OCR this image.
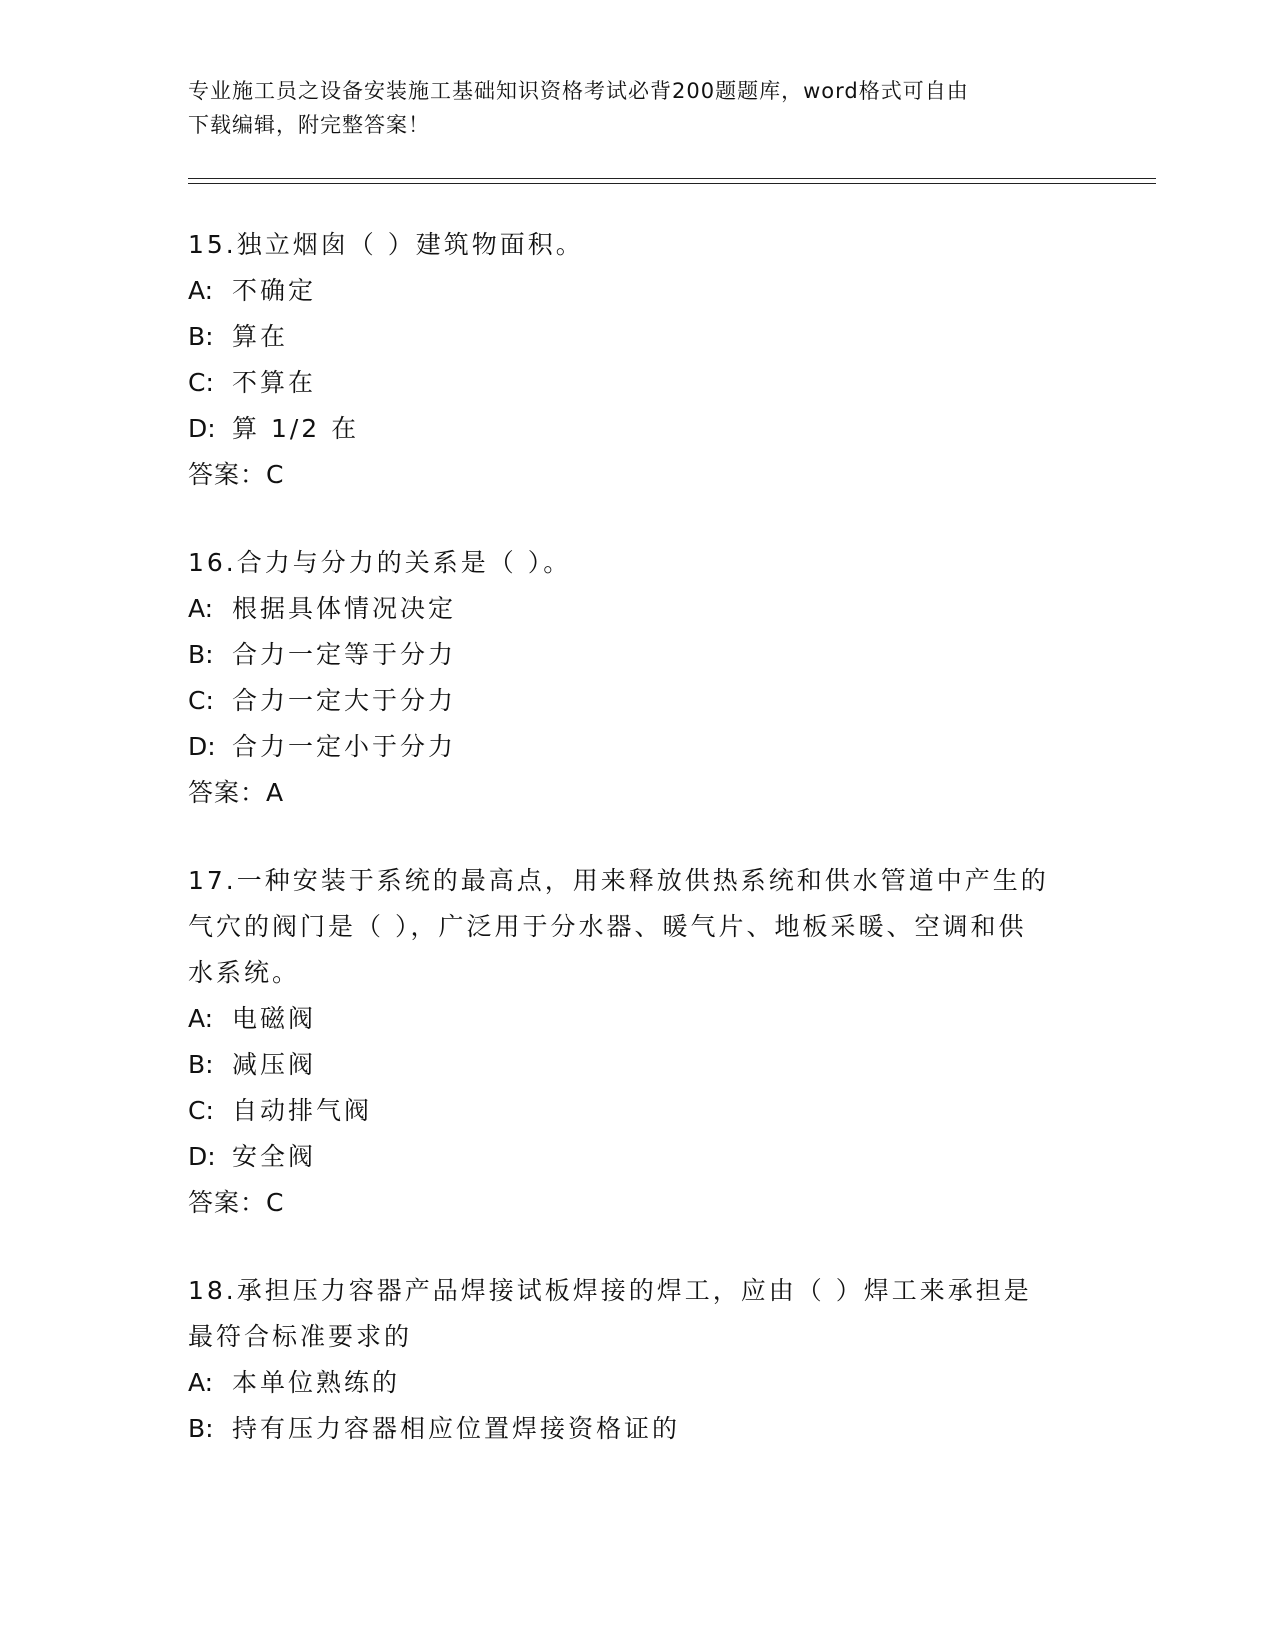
专业施工员之设备安装施工基础知识资格考试必背200题题库，word格式可自由
下载编辑，附完整答案！
15.独立烟囱（ ）建筑物面积。
A: 不确定
B: 算在
C: 不算在
D: 算 1/2 在
答案：C
16.合力与分力的关系是（ ）。
A: 根据具体情况决定
B: 合力一定等于分力
C: 合力一定大于分力
D: 合力一定小于分力
答案：A
17.一种安装于系统的最高点，用来释放供热系统和供水管道中产生的
气穴的阀门是（ ），广泛用于分水器、暖气片、地板采暖、空调和供
水系统。
A: 电磁阀
B: 减压阀
C: 自动排气阀
D: 安全阀
答案：C
18.承担压力容器产品焊接试板焊接的焊工，应由（ ）焊工来承担是
最符合标准要求的
A: 本单位熟练的
B: 持有压力容器相应位置焊接资格证的
